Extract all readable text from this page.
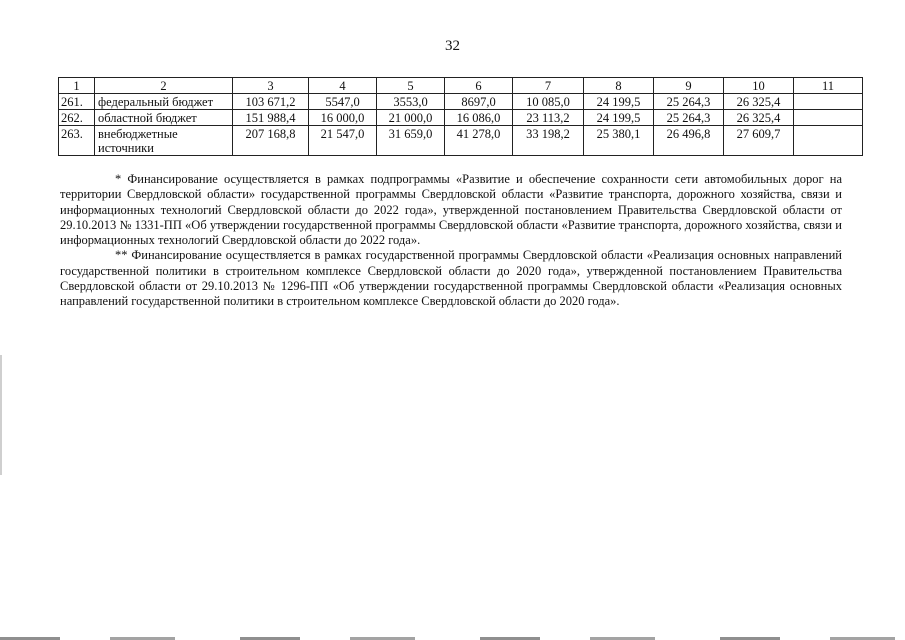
32
1	2	3	4	5	6	7	8	9	10	11
261.	федеральный бюджет	103 671,2	5547,0	3553,0	8697,0	10 085,0	24 199,5	25 264,3	26 325,4	
262.	областной бюджет	151 988,4	16 000,0	21 000,0	16 086,0	23 113,2	24 199,5	25 264,3	26 325,4	
263.	внебюджетные источники	207 168,8	21 547,0	31 659,0	41 278,0	33 198,2	25 380,1	26 496,8	27 609,7	

* Финансирование осуществляется в рамках подпрограммы «Развитие и обеспечение сохранности сети автомобильных дорог на территории Свердловской области» государственной программы Свердловской области «Развитие транспорта, дорожного хозяйства, связи и информационных технологий Свердловской области до 2022 года», утвержденной постановлением Правительства Свердловской области от 29.10.2013 № 1331-ПП «Об утверждении государственной программы Свердловской области «Развитие транспорта, дорожного хозяйства, связи и информационных технологий Свердловской области до 2022 года».

** Финансирование осуществляется в рамках государственной программы Свердловской области «Реализация основных направлений государственной политики в строительном комплексе Свердловской области до 2020 года», утвержденной постановлением Правительства Свердловской области от 29.10.2013 № 1296-ПП «Об утверждении государственной программы Свердловской области «Реализация основных направлений государственной политики в строительном комплексе Свердловской области до 2020 года».
